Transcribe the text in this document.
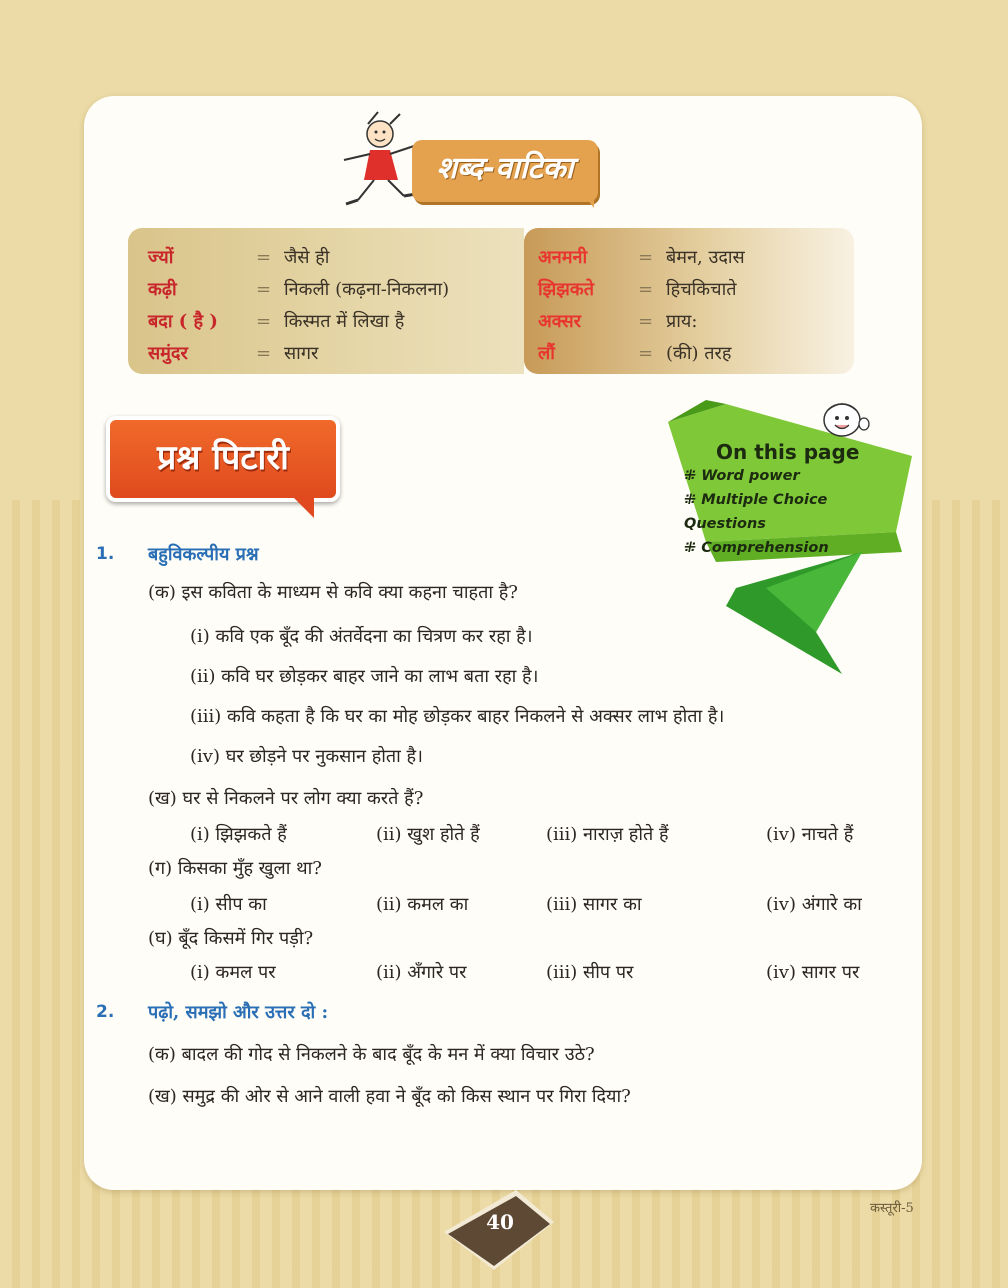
शब्द-वाटिका
ज्यों	= जैसे ही
कढ़ी	= निकली (कढ़ना-निकलना)
बदा ( है ) = किस्मत में लिखा है
समुंदर	= सागर
अनमनी	= बेमन, उदास
झिझकते = हिचकिचाते
अक्सर	= प्राय:
लौं	= (की) तरह
प्रश्न पिटारी	On this page
⁜ Word power
⁜ Multiple Choice Questions
⁜ Comprehension
1. बहुविकल्पीय प्रश्न
(क) इस कविता के माध्यम से कवि क्या कहना चाहता है?
(i) कवि एक बूँद की अंतर्वेदना का चित्रण कर रहा है।
(ii) कवि घर छोड़कर बाहर जाने का लाभ बता रहा है।
(iii) कवि कहता है कि घर का मोह छोड़कर बाहर निकलने से अक्सर लाभ होता है।
(iv) घर छोड़ने पर नुकसान होता है।
(ख) घर से निकलने पर लोग क्या करते हैं?
(i) झिझकते हैं	(ii) खुश होते हैं	(iii) नाराज़ होते हैं	(iv) नाचते हैं
(ग) किसका मुँह खुला था?
(i) सीप का	(ii) कमल का	(iii) सागर का	(iv) अंगारे का
(घ) बूँद किसमें गिर पड़ी?
(i) कमल पर	(ii) अँगारे पर	(iii) सीप पर	(iv) सागर पर
2. पढ़ो, समझो और उत्तर दो :
(क) बादल की गोद से निकलने के बाद बूँद के मन में क्या विचार उठे?
(ख) समुद्र की ओर से आने वाली हवा ने बूँद को किस स्थान पर गिरा दिया?
40
कस्तूरी-5
